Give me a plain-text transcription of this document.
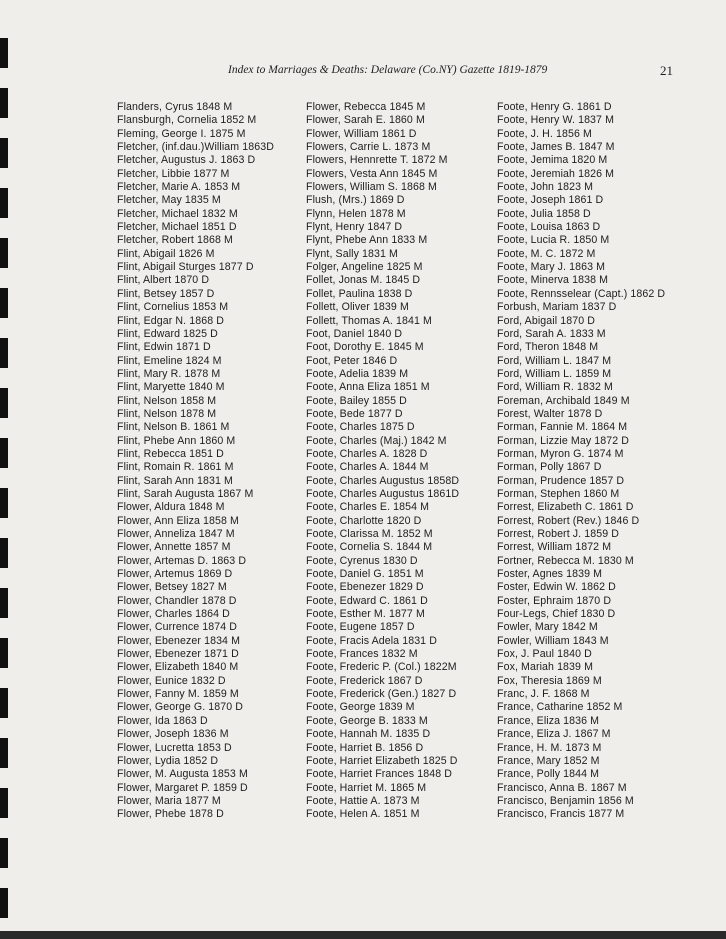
Index to Marriages & Deaths: Delaware (Co.NY) Gazette 1819-1879	21
Flanders, Cyrus 1848 M
Flansburgh, Cornelia 1852 M
Fleming, George I. 1875 M
Fletcher, (inf.dau.)William 1863D
Fletcher, Augustus J. 1863 D
Fletcher, Libbie 1877 M
Fletcher, Marie A. 1853 M
Fletcher, May 1835 M
Fletcher, Michael 1832 M
Fletcher, Michael 1851 D
Fletcher, Robert 1868 M
Flint, Abigail 1826 M
Flint, Abigail Sturges 1877 D
Flint, Albert 1870 D
Flint, Betsey 1857 D
Flint, Cornelius 1853 M
Flint, Edgar N. 1868 D
Flint, Edward 1825 D
Flint, Edwin 1871 D
Flint, Emeline 1824 M
Flint, Mary R. 1878 M
Flint, Maryette 1840 M
Flint, Nelson 1858 M
Flint, Nelson 1878 M
Flint, Nelson B. 1861 M
Flint, Phebe Ann 1860 M
Flint, Rebecca 1851 D
Flint, Romain R. 1861 M
Flint, Sarah Ann 1831 M
Flint, Sarah Augusta 1867 M
Flower, Aldura 1848 M
Flower, Ann Eliza 1858 M
Flower, Anneliza 1847 M
Flower, Annette 1857 M
Flower, Artemas D. 1863 D
Flower, Artemus 1869 D
Flower, Betsey 1827 M
Flower, Chandler 1878 D
Flower, Charles 1864 D
Flower, Currence 1874 D
Flower, Ebenezer 1834 M
Flower, Ebenezer 1871 D
Flower, Elizabeth 1840 M
Flower, Eunice 1832 D
Flower, Fanny M. 1859 M
Flower, George G. 1870 D
Flower, Ida 1863 D
Flower, Joseph 1836 M
Flower, Lucretta 1853 D
Flower, Lydia 1852 D
Flower, M. Augusta 1853 M
Flower, Margaret P. 1859 D
Flower, Maria 1877 M
Flower, Phebe 1878 D
Flower, Rebecca 1845 M
Flower, Sarah E. 1860 M
Flower, William 1861 D
Flowers, Carrie L. 1873 M
Flowers, Hennrette T. 1872 M
Flowers, Vesta Ann 1845 M
Flowers, William S. 1868 M
Flush, (Mrs.) 1869 D
Flynn, Helen 1878 M
Flynt, Henry 1847 D
Flynt, Phebe Ann 1833 M
Flynt, Sally 1831 M
Folger, Angeline 1825 M
Follet, Jonas M. 1845 D
Follet, Paulina 1838 D
Follett, Oliver 1839 M
Follett, Thomas A. 1841 M
Foot, Daniel 1840 D
Foot, Dorothy E. 1845 M
Foot, Peter 1846 D
Foote, Adelia 1839 M
Foote, Anna Eliza 1851 M
Foote, Bailey 1855 D
Foote, Bede 1877 D
Foote, Charles 1875 D
Foote, Charles (Maj.) 1842 M
Foote, Charles A. 1828 D
Foote, Charles A. 1844 M
Foote, Charles Augustus 1858D
Foote, Charles Augustus 1861D
Foote, Charles E. 1854 M
Foote, Charlotte 1820 D
Foote, Clarissa M. 1852 M
Foote, Cornelia S. 1844 M
Foote, Cyrenus 1830 D
Foote, Daniel G. 1851 M
Foote, Ebenezer 1829 D
Foote, Edward C. 1861 D
Foote, Esther M. 1877 M
Foote, Eugene 1857 D
Foote, Fracis Adela 1831 D
Foote, Frances 1832 M
Foote, Frederic P. (Col.) 1822M
Foote, Frederick 1867 D
Foote, Frederick (Gen.) 1827 D
Foote, George 1839 M
Foote, George B. 1833 M
Foote, Hannah M. 1835 D
Foote, Harriet B. 1856 D
Foote, Harriet Elizabeth 1825 D
Foote, Harriet Frances 1848 D
Foote, Harriet M. 1865 M
Foote, Hattie A. 1873 M
Foote, Helen A. 1851 M
Foote, Henry G. 1861 D
Foote, Henry W. 1837 M
Foote, J. H. 1856 M
Foote, James B. 1847 M
Foote, Jemima 1820 M
Foote, Jeremiah 1826 M
Foote, John 1823 M
Foote, Joseph 1861 D
Foote, Julia 1858 D
Foote, Louisa 1863 D
Foote, Lucia R. 1850 M
Foote, M. C. 1872 M
Foote, Mary J. 1863 M
Foote, Minerva 1838 M
Foote, Rennsselear (Capt.) 1862 D
Forbush, Mariam 1837 D
Ford, Abigail 1870 D
Ford, Sarah A. 1833 M
Ford, Theron 1848 M
Ford, William L. 1847 M
Ford, William L. 1859 M
Ford, William R. 1832 M
Foreman, Archibald 1849 M
Forest, Walter 1878 D
Forman, Fannie M. 1864 M
Forman, Lizzie May 1872 D
Forman, Myron G. 1874 M
Forman, Polly 1867 D
Forman, Prudence 1857 D
Forman, Stephen 1860 M
Forrest, Elizabeth C. 1861 D
Forrest, Robert (Rev.) 1846 D
Forrest, Robert J. 1859 D
Forrest, William 1872 M
Fortner, Rebecca M. 1830 M
Foster, Agnes 1839 M
Foster, Edwin W. 1862 D
Foster, Ephraim 1870 D
Four-Legs, Chief 1830 D
Fowler, Mary 1842 M
Fowler, William 1843 M
Fox, J. Paul 1840 D
Fox, Mariah 1839 M
Fox, Theresia 1869 M
Franc, J. F. 1868 M
France, Catharine 1852 M
France, Eliza 1836 M
France, Eliza J. 1867 M
France, H. M. 1873 M
France, Mary 1852 M
France, Polly 1844 M
Francisco, Anna B. 1867 M
Francisco, Benjamin 1856 M
Francisco, Francis 1877 M
